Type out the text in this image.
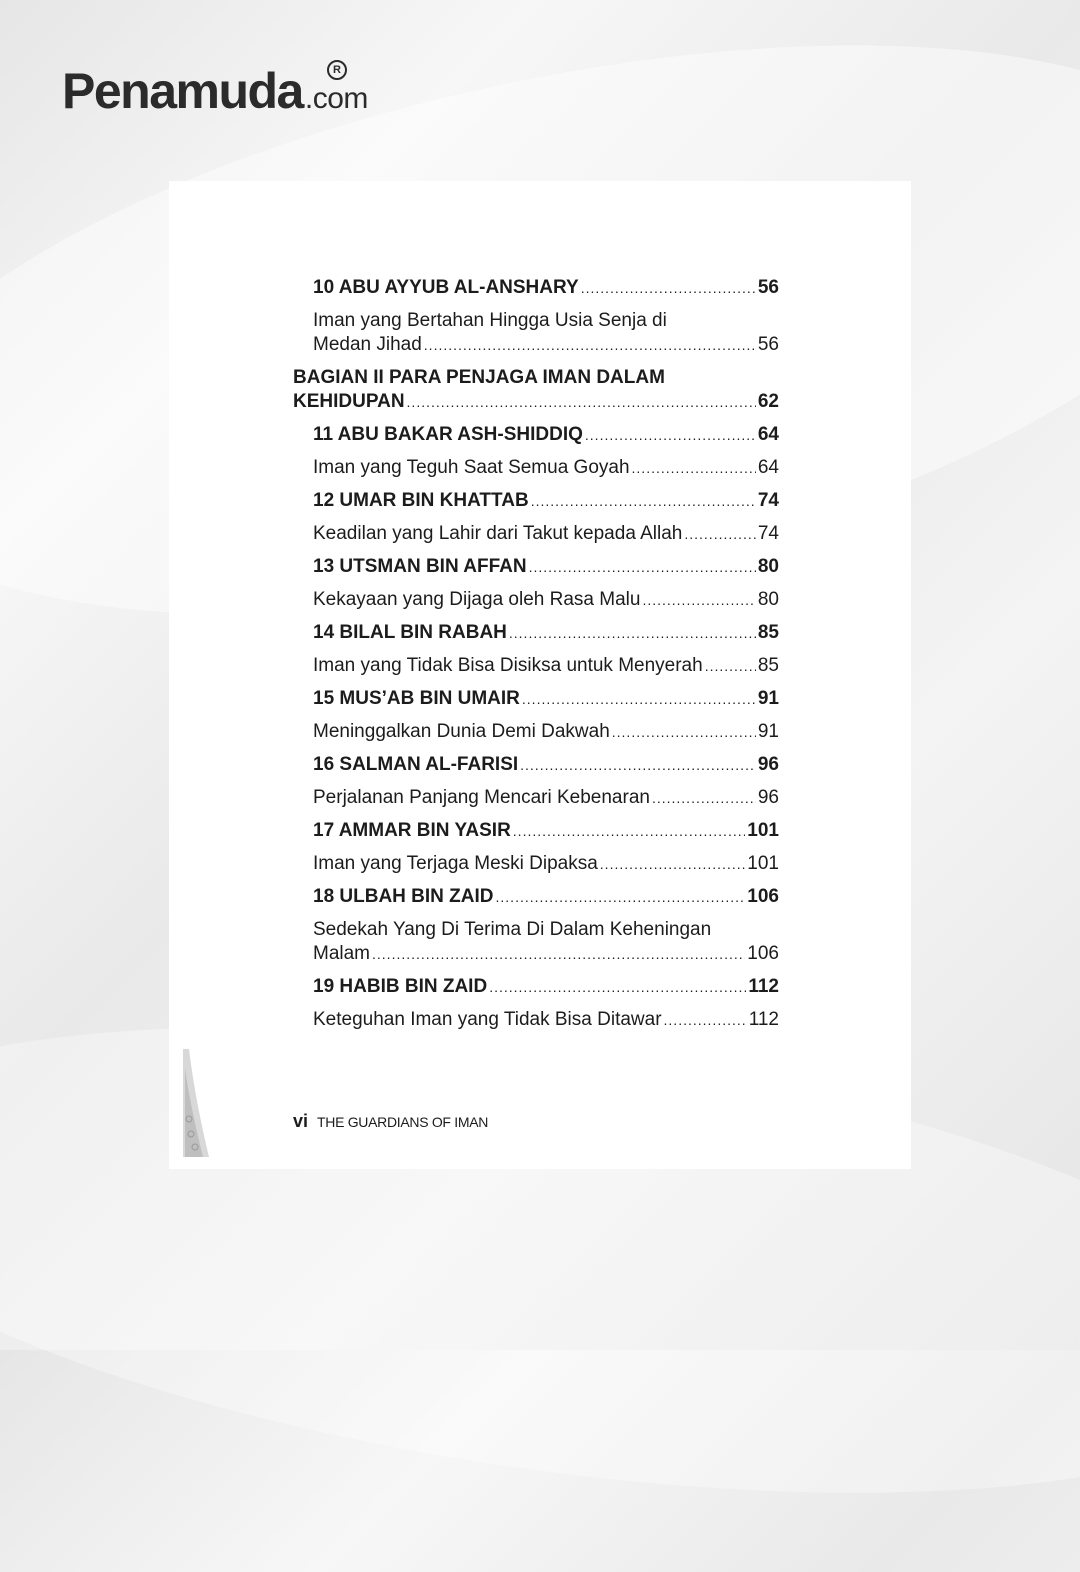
Penamuda	R
.com
10 ABU AYYUB AL-ANSHARY .....	56
Iman yang Bertahan Hingga Usia Senja di
Medan Jihad .....	56
BAGIAN II PARA PENJAGA IMAN DALAM
KEHIDUPAN .....	62
11 ABU BAKAR ASH-SHIDDIQ .....	64
Iman yang Teguh Saat Semua Goyah .....	64
12 UMAR BIN KHATTAB .....	74
Keadilan yang Lahir dari Takut kepada Allah .....	74
13 UTSMAN BIN AFFAN .....	80
Kekayaan yang Dijaga oleh Rasa Malu .....	80
14 BILAL BIN RABAH .....	85
Iman yang Tidak Bisa Disiksa untuk Menyerah .....	85
15 MUS’AB BIN UMAIR .....	91
Meninggalkan Dunia Demi Dakwah .....	91
16 SALMAN AL-FARISI .....	96
Perjalanan Panjang Mencari Kebenaran .....	96
17 AMMAR BIN YASIR .....	101
Iman yang Terjaga Meski Dipaksa .....	101
18 ULBAH BIN ZAID .....	106
Sedekah Yang Di Terima Di Dalam Keheningan
Malam .....	106
19 HABIB BIN ZAID .....	112
Keteguhan Iman yang Tidak Bisa Ditawar .....	112
vi THE GUARDIANS OF IMAN
